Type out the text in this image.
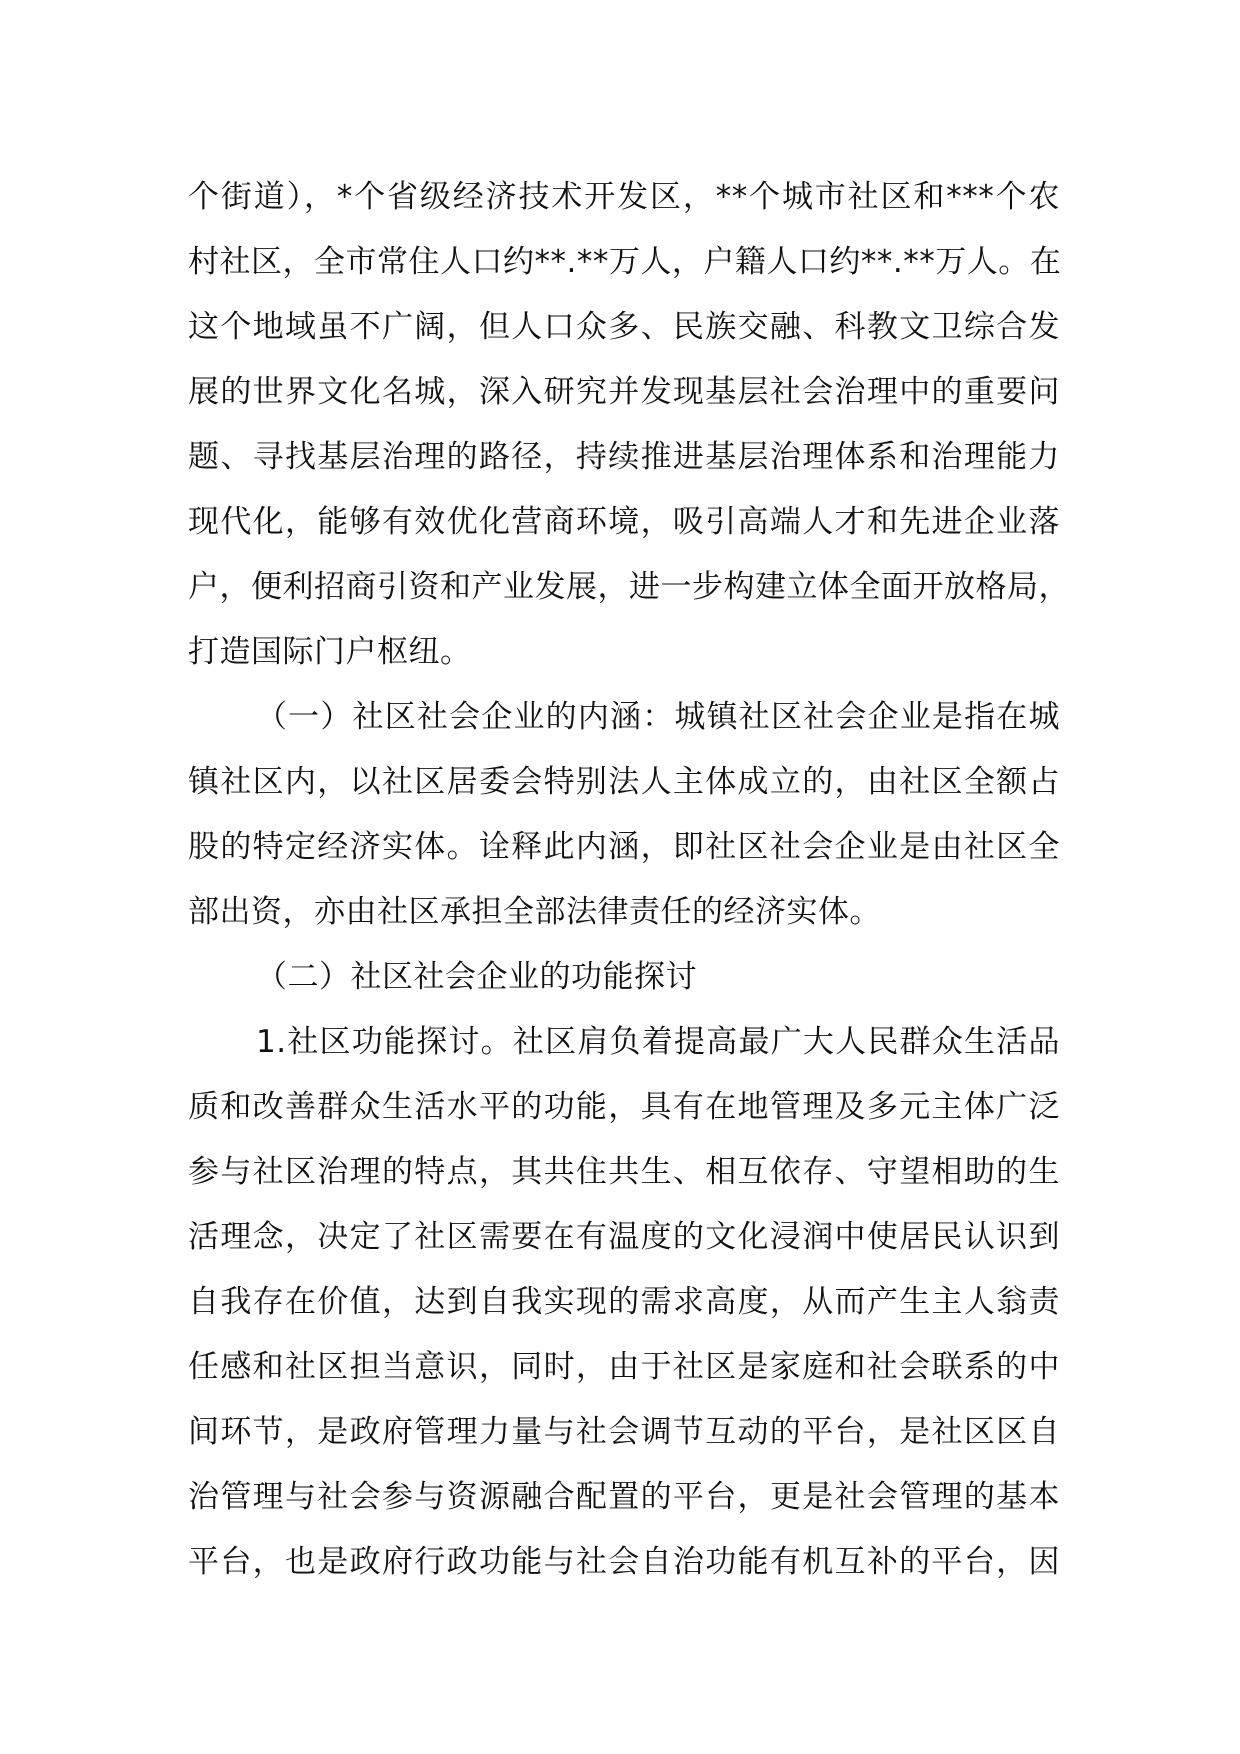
个街道），*个省级经济技术开发区，**个城市社区和***个农
村社区，全市常住人口约**.**万人，户籍人口约**.**万人。在
这个地域虽不广阔，但人口众多、民族交融、科教文卫综合发
展的世界文化名城，深入研究并发现基层社会治理中的重要问
题、寻找基层治理的路径，持续推进基层治理体系和治理能力
现代化，能够有效优化营商环境，吸引高端人才和先进企业落
户，便利招商引资和产业发展，进一步构建立体全面开放格局，
打造国际门户枢纽。
（一）社区社会企业的内涵：城镇社区社会企业是指在城
镇社区内，以社区居委会特别法人主体成立的，由社区全额占
股的特定经济实体。诠释此内涵，即社区社会企业是由社区全
部出资，亦由社区承担全部法律责任的经济实体。
（二）社区社会企业的功能探讨
1.社区功能探讨。社区肩负着提高最广大人民群众生活品
质和改善群众生活水平的功能，具有在地管理及多元主体广泛
参与社区治理的特点，其共住共生、相互依存、守望相助的生
活理念，决定了社区需要在有温度的文化浸润中使居民认识到
自我存在价值，达到自我实现的需求高度，从而产生主人翁责
任感和社区担当意识，同时，由于社区是家庭和社会联系的中
间环节，是政府管理力量与社会调节互动的平台，是社区区自
治管理与社会参与资源融合配置的平台，更是社会管理的基本
平台，也是政府行政功能与社会自治功能有机互补的平台，因
